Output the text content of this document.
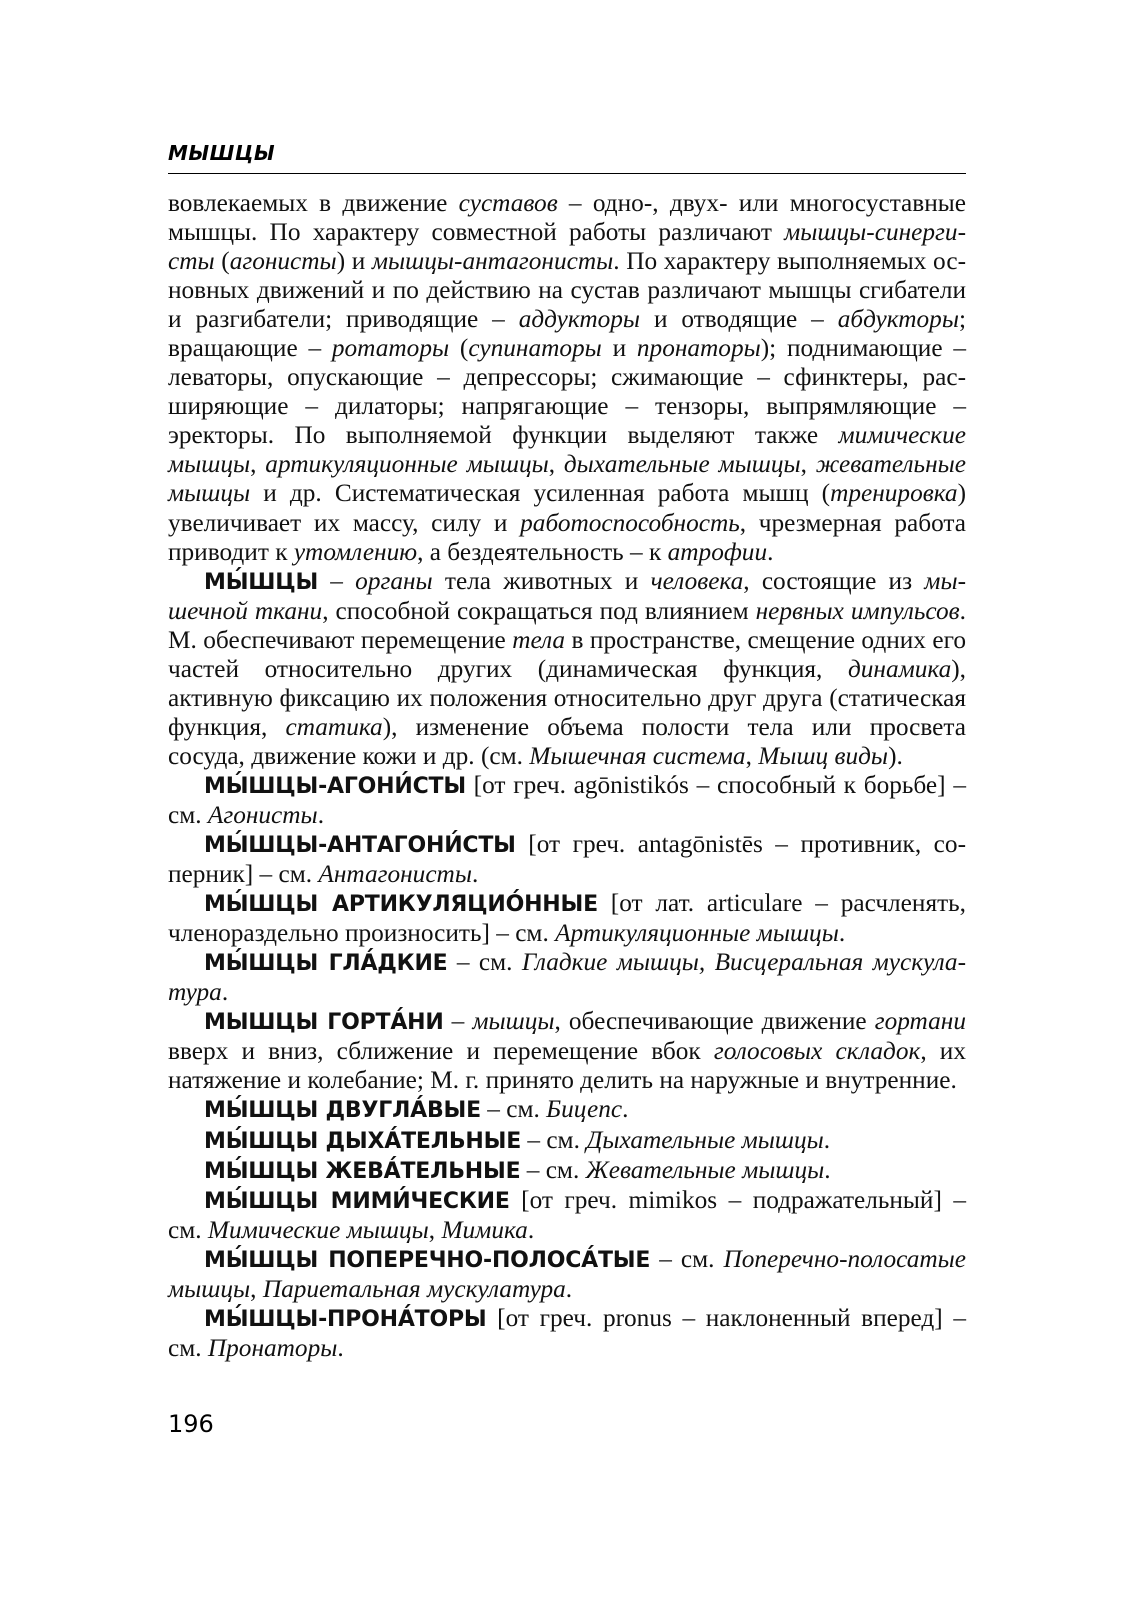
МЫШЦЫ

вовлекаемых в движение суставов – одно-, двух- или многосуставные мышцы. По характеру совместной работы различают мышцы-синергисты (агонисты) и мышцы-антагонисты. По характеру выполняемых основных движений и по действию на сустав различают мышцы сгибатели и разгибатели; приводящие – аддукторы и отводящие – абдукторы; вращающие – ротаторы (супинаторы и пронаторы); поднимающие – леваторы, опускающие – депрессоры; сжимающие – сфинктеры, расширяющие – дилаторы; напрягающие – тензоры, выпрямляющие – эректоры. По выполняемой функции выделяют также мимические мышцы, артикуляционные мышцы, дыхательные мышцы, жевательные мышцы и др. Систематическая усиленная работа мышц (тренировка) увеличивает их массу, силу и работоспособность, чрезмерная работа приводит к утомлению, а бездеятельность – к атрофии.

МЫ́ШЦЫ – органы тела животных и человека, состоящие из мышечной ткани, способной сокращаться под влиянием нервных импульсов. М. обеспечивают перемещение тела в пространстве, смещение одних его частей относительно других (динамическая функция, динамика), активную фиксацию их положения относительно друг друга (статическая функция, статика), изменение объема полости тела или просвета сосуда, движение кожи и др. (см. Мышечная система, Мышц виды).

МЫ́ШЦЫ-АГОНИ́СТЫ [от греч. agōnistikós – способный к борьбе] – см. Агонисты.

МЫ́ШЦЫ-АНТАГОНИ́СТЫ [от греч. antagōnistēs – противник, соперник] – см. Антагонисты.

МЫ́ШЦЫ АРТИКУЛЯЦИО́ННЫЕ [от лат. articulare – расчленять, членораздельно произносить] – см. Артикуляционные мышцы.

МЫ́ШЦЫ ГЛА́ДКИЕ – см. Гладкие мышцы, Висцеральная мускулатура.

МЫШЦЫ ГОРТА́НИ – мышцы, обеспечивающие движение гортани вверх и вниз, сближение и перемещение вбок голосовых складок, их натяжение и колебание; М. г. принято делить на наружные и внутренние.

МЫ́ШЦЫ ДВУГЛА́ВЫЕ – см. Бицепс.

МЫ́ШЦЫ ДЫХА́ТЕЛЬНЫЕ – см. Дыхательные мышцы.

МЫ́ШЦЫ ЖЕВА́ТЕЛЬНЫЕ – см. Жевательные мышцы.

МЫ́ШЦЫ МИМИ́ЧЕСКИЕ [от греч. mimikos – подражательный] – см. Мимические мышцы, Мимика.

МЫ́ШЦЫ ПОПЕРЕЧНО-ПОЛОСА́ТЫЕ – см. Поперечно-полосатые мышцы, Париетальная мускулатура.

МЫ́ШЦЫ-ПРОНА́ТОРЫ [от греч. pronus – наклоненный вперед] – см. Пронаторы.

196
